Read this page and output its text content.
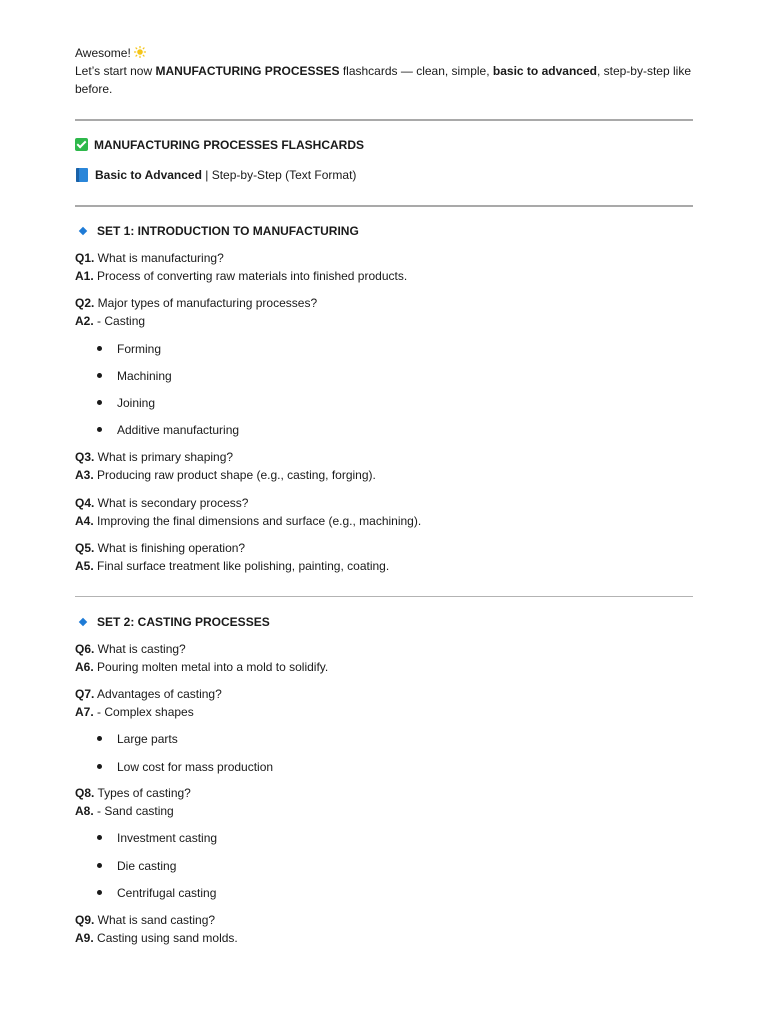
Awesome!

Let’s start now MANUFACTURING PROCESSES flashcards — clean, simple, basic to advanced, step-by-step like before.

MANUFACTURING PROCESSES FLASHCARDS
Basic to Advanced | Step-by-Step (Text Format)
SET 1: INTRODUCTION TO MANUFACTURING
Q1. What is manufacturing?
A1. Process of converting raw materials into finished products.
Q2. Major types of manufacturing processes?
A2. - Casting
Forming
Machining
Joining
Additive manufacturing
Q3. What is primary shaping?
A3. Producing raw product shape (e.g., casting, forging).
Q4. What is secondary process?
A4. Improving the final dimensions and surface (e.g., machining).
Q5. What is finishing operation?
A5. Final surface treatment like polishing, painting, coating.
SET 2: CASTING PROCESSES
Q6. What is casting?
A6. Pouring molten metal into a mold to solidify.
Q7. Advantages of casting?
A7. - Complex shapes
Large parts
Low cost for mass production
Q8. Types of casting?
A8. - Sand casting
Investment casting
Die casting
Centrifugal casting
Q9. What is sand casting?
A9. Casting using sand molds.
